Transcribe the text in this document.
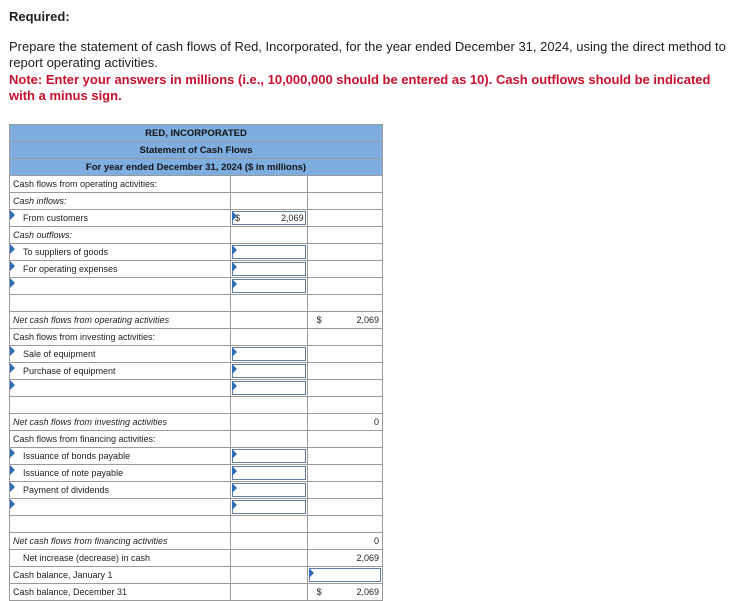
Required:
Prepare the statement of cash flows of Red, Incorporated, for the year ended December 31, 2024, using the direct method to report operating activities.
Note: Enter your answers in millions (i.e., 10,000,000 should be entered as 10). Cash outflows should be indicated with a minus sign.
RED, INCORPORATED		
Statement of Cash Flows		
For year ended December 31, 2024 ($ in millions)		
Cash flows from operating activities:		
Cash inflows:		

From customers	$ 2,069	

Cash outflows:		

To suppliers of goods	

For operating expenses	

Net cash flows from operating activities		$ 2,069
Cash flows from investing activities:		

Sale of equipment	

Purchase of equipment	

Net cash flows from investing activities		0
Cash flows from financing activities:		

Issuance of bonds payable	

Issuance of note payable	

Payment of dividends	

Net cash flows from financing activities		0
Net increase (decrease) in cash		2,069
Cash balance, January 1		

Cash balance, December 31		$ 2,069
